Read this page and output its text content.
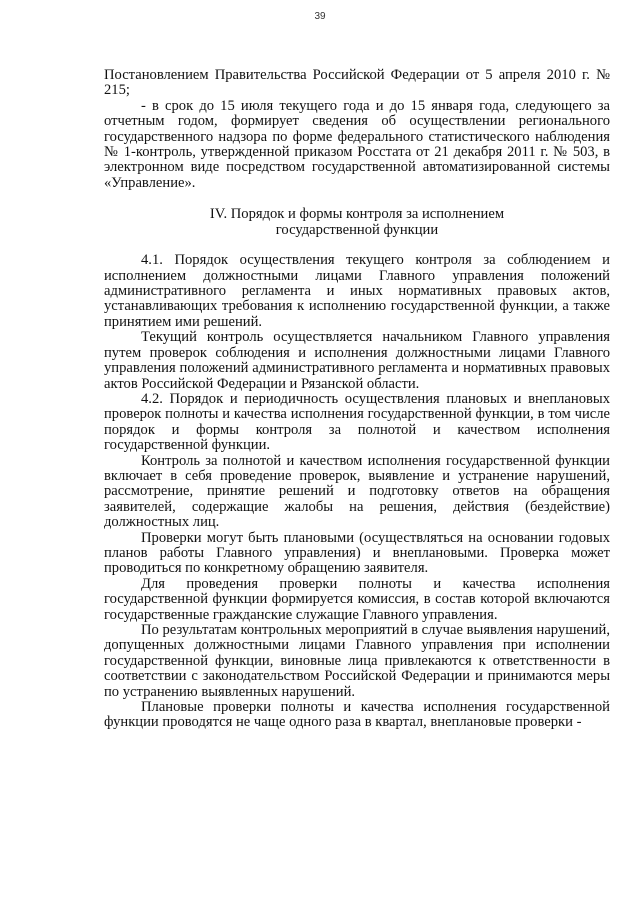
39

Постановлением Правительства Российской Федерации от 5 апреля 2010 г. № 215;

- в срок до 15 июля текущего года и до 15 января года, следующего за отчетным годом, формирует сведения об осуществлении регионального государственного надзора по форме федерального статистического наблюдения № 1-контроль, утвержденной приказом Росстата от 21 декабря 2011 г. № 503, в электронном виде посредством государственной автоматизированной системы «Управление».

IV. Порядок и формы контроля за исполнением
государственной функции

4.1. Порядок осуществления текущего контроля за соблюдением и исполнением должностными лицами Главного управления положений административного регламента и иных нормативных правовых актов, устанавливающих требования к исполнению государственной функции, а также принятием ими решений.

Текущий контроль осуществляется начальником Главного управления путем проверок соблюдения и исполнения должностными лицами Главного управления положений административного регламента и нормативных правовых актов Российской Федерации и Рязанской области.

4.2. Порядок и периодичность осуществления плановых и внеплановых проверок полноты и качества исполнения государственной функции, в том числе порядок и формы контроля за полнотой и качеством исполнения государственной функции.

Контроль за полнотой и качеством исполнения государственной функции включает в себя проведение проверок, выявление и устранение нарушений, рассмотрение, принятие решений и подготовку ответов на обращения заявителей, содержащие жалобы на решения, действия (бездействие) должностных лиц.

Проверки могут быть плановыми (осуществляться на основании годовых планов работы Главного управления) и внеплановыми. Проверка может проводиться по конкретному обращению заявителя.

Для проведения проверки полноты и качества исполнения государственной функции формируется комиссия, в состав которой включаются государственные гражданские служащие Главного управления.

По результатам контрольных мероприятий в случае выявления нарушений, допущенных должностными лицами Главного управления при исполнении государственной функции, виновные лица привлекаются к ответственности в соответствии с законодательством Российской Федерации и принимаются меры по устранению выявленных нарушений.

Плановые проверки полноты и качества исполнения государственной функции проводятся не чаще одного раза в квартал, внеплановые проверки -
